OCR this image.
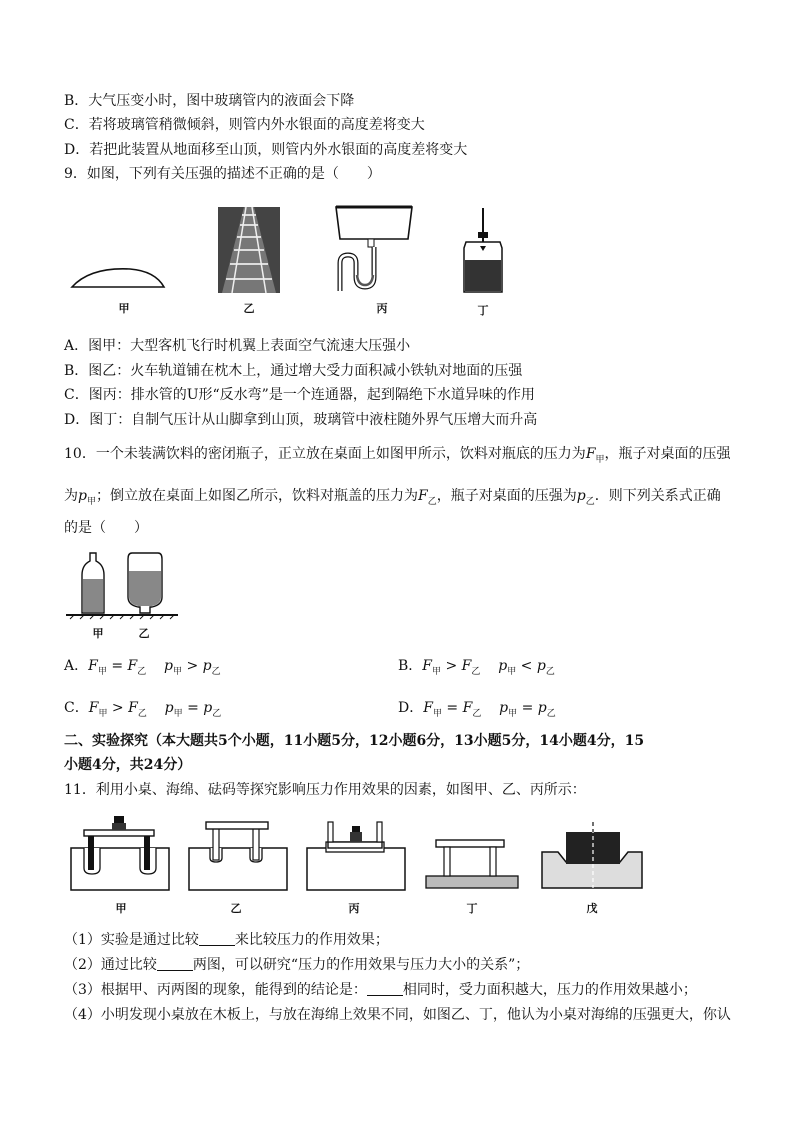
B．大气压变小时，图中玻璃管内的液面会下降
C．若将玻璃管稍微倾斜，则管内外水银面的高度差将变大
D．若把此装置从地面移至山顶，则管内外水银面的高度差将变大
9．如图，下列有关压强的描述不正确的是（　　）
甲	乙	丙	丁
A．图甲：大型客机飞行时机翼上表面空气流速大压强小
B．图乙：火车轨道铺在枕木上，通过增大受力面积减小铁轨对地面的压强
C．图丙：排水管的U形“反水弯”是一个连通器，起到隔绝下水道异味的作用
D．图丁：自制气压计从山脚拿到山顶，玻璃管中液柱随外界气压增大而升高
10．一个未装满饮料的密闭瓶子，正立放在桌面上如图甲所示，饮料对瓶底的压力为$F_甲$，瓶子对桌面的压强
为$p_甲$；倒立放在桌面上如图乙所示，饮料对瓶盖的压力为$F_乙$，瓶子对桌面的压强为$p_乙$．则下列关系式正确
的是（　　）
甲	乙
A．$F_甲 = F_乙$ $p_甲 > p_乙$	B．$F_甲 > F_乙$ $p_甲 < p_乙$
C．$F_甲 > F_乙$ $p_甲 = p_乙$	D．$F_甲 = F_乙$ $p_甲 = p_乙$
二、实验探究（本大题共5个小题，11小题5分，12小题6分，13小题5分，14小题4分，15
小题4分，共24分）
11．利用小桌、海绵、砝码等探究影响压力作用效果的因素，如图甲、乙、丙所示：
甲	乙	丙	丁	戊
（1）实验是通过比较	来比较压力的作用效果；
（2）通过比较	两图，可以研究“压力的作用效果与压力大小的关系”；
（3）根据甲、丙两图的现象，能得到的结论是：	相同时，受力面积越大，压力的作用效果越小；
（4）小明发现小桌放在木板上，与放在海绵上效果不同，如图乙、丁，他认为小桌对海绵的压强更大，你认
